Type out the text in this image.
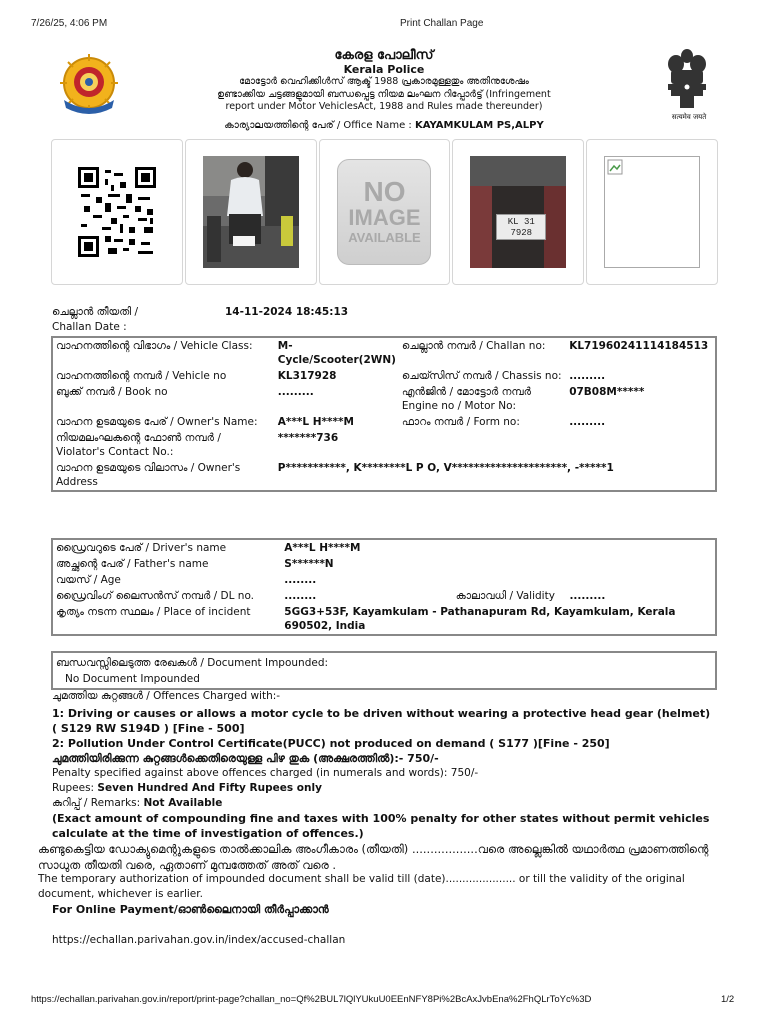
7/26/25, 4:06 PM	Print Challan Page
सत्यमेव जयते
കേരള പോലീസ്
Kerala Police
മോട്ടോർ വെഹിക്കിൾസ് ആക്ട് 1988 പ്രകാരമുള്ളതും അതിനുശേഷം
ഉണ്ടാക്കിയ ചട്ടങ്ങളുമായി ബന്ധപ്പെട്ട നിയമ ലംഘന റിപ്പോർട്ട് (Infringement
report under Motor VehiclesAct, 1988 and Rules made thereunder)
കാര്യാലയത്തിന്റെ പേര് / Office Name : KAYAMKULAM PS,ALPY
NO
IMAGE
AVAILABLE
KL 31
7928
ചെല്ലാൻ തീയതി /
Challan Date :
14-11-2024 18:45:13
വാഹനത്തിന്റെ വിഭാഗം / Vehicle Class:	M-Cycle/Scooter(2WN)	ചെല്ലാൻ നമ്പർ / Challan no:	KL71960241114184513
വാഹനത്തിന്റെ നമ്പർ / Vehicle no	KL317928	ചെയ്സിസ് നമ്പർ / Chassis no:	.........
ബുക്ക് നമ്പർ / Book no	.........	എൻജിൻ / മോട്ടോർ നമ്പർ Engine no / Motor No:	07B08M*****
വാഹന ഉടമയുടെ പേര് / Owner's Name:	A***L H****M	ഫാറം നമ്പർ / Form no:	.........
നിയമലംഘകന്റെ ഫോൺ നമ്പർ / Violator's Contact No.:	*******736		
വാഹന ഉടമയുടെ വിലാസം / Owner's Address	P***********, K********L P O, V*********************, -*****1		
ഡ്രൈവറുടെ പേര് / Driver's name	A***L H****M		
അച്ഛന്റെ പേര് / Father's name	S******N		
വയസ് / Age	........		
ഡ്രൈവിംഗ് ലൈസൻസ് നമ്പർ / DL no.	........	കാലാവധി / Validity	.........
കൃത്യം നടന്ന സ്ഥലം / Place of incident	5GG3+53F, Kayamkulam - Pathanapuram Rd, Kayamkulam, Kerala 690502, India		
ബന്ധവസ്സിലെടുത്ത രേഖകൾ / Document Impounded:
No Document Impounded
ചുമത്തിയ കുറ്റങ്ങൾ / Offences Charged with:-
1: Driving or causes or allows a motor cycle to be driven without wearing a protective head gear (helmet) ( S129 RW S194D ) [Fine - 500]
2: Pollution Under Control Certificate(PUCC) not produced on demand ( S177 )[Fine - 250]
ചുമത്തിയിരിക്കുന്ന കുറ്റങ്ങൾക്കെതിരെയുള്ള പിഴ തുക (അക്ഷരത്തിൽ):- 750/-
Penalty specified against above offences charged (in numerals and words): 750/-
Rupees: Seven Hundred And Fifty Rupees only
കുറിപ്പ് / Remarks: Not Available
(Exact amount of compounding fine and taxes with 100% penalty for other states without permit vehicles calculate at the time of investigation of offences.)
കണ്ടുകെട്ടിയ ഡോക്യുമെന്റുകളുടെ താൽക്കാലിക അംഗീകാരം (തീയതി) ..................വരെ അല്ലെങ്കിൽ യഥാർത്ഥ പ്രമാണത്തിന്റെ സാധുത തീയതി വരെ, ഏതാണ് മുമ്പത്തേത് അത് വരെ .
The temporary authorization of impounded document shall be valid till (date)..................... or till the validity of the original document, whichever is earlier.
For Online Payment/ഓൺലൈനായി തീർപ്പാക്കാൻ
https://echallan.parivahan.gov.in/index/accused-challan
https://echallan.parivahan.gov.in/report/print-page?challan_no=Qf%2BUL7lQlYUkuU0EEnNFY8Pi%2BcAxJvbEna%2FhQLrToYc%3D	1/2
